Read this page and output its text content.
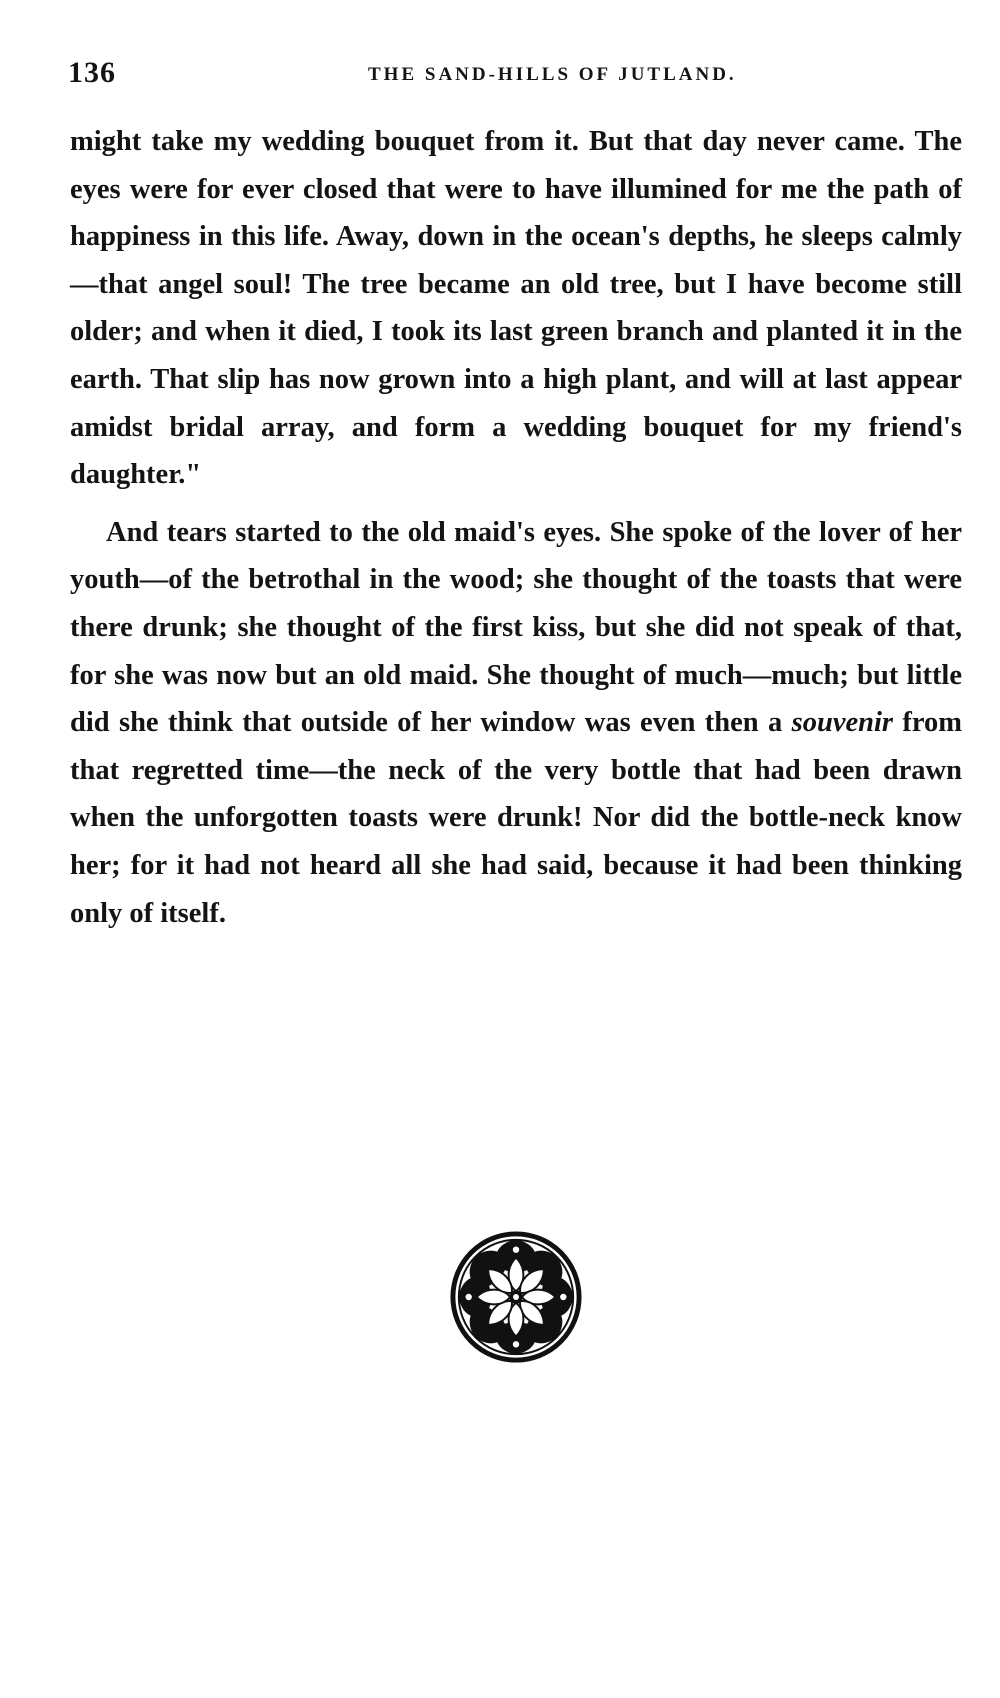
136	THE SAND-HILLS OF JUTLAND.

might take my wedding bouquet from it. But that day never came. The eyes were for ever closed that were to have illumined for me the path of happiness in this life. Away, down in the ocean's depths, he sleeps calmly—that angel soul! The tree became an old tree, but I have become still older; and when it died, I took its last green branch and planted it in the earth. That slip has now grown into a high plant, and will at last appear amidst bridal array, and form a wedding bouquet for my friend's daughter."

And tears started to the old maid's eyes. She spoke of the lover of her youth—of the betrothal in the wood; she thought of the toasts that were there drunk; she thought of the first kiss, but she did not speak of that, for she was now but an old maid. She thought of much—much; but little did she think that outside of her window was even then a souvenir from that regretted time—the neck of the very bottle that had been drawn when the unforgotten toasts were drunk! Nor did the bottle-neck know her; for it had not heard all she had said, because it had been thinking only of itself.
